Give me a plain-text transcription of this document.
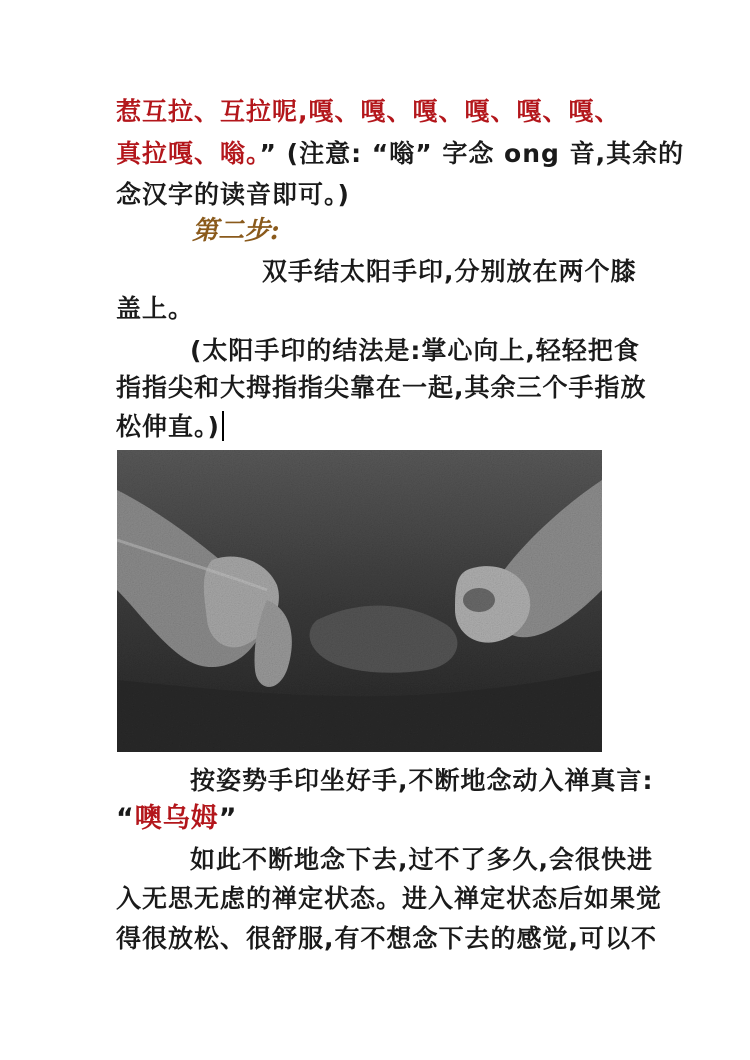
惹互拉、互拉呢,嘎、嘎、嘎、嘎、嘎、嘎、
真拉嘎、嗡。” (注意: “嗡” 字念 ong 音,其余的
念汉字的读音即可。)
第二步:
双手结太阳手印,分别放在两个膝
盖上。
(太阳手印的结法是:掌心向上,轻轻把食
指指尖和大拇指指尖靠在一起,其余三个手指放
松伸直。)
按姿势手印坐好手,不断地念动入禅真言:
“噢乌姆”
如此不断地念下去,过不了多久,会很快进
入无思无虑的禅定状态。进入禅定状态后如果觉
得很放松、很舒服,有不想念下去的感觉,可以不
